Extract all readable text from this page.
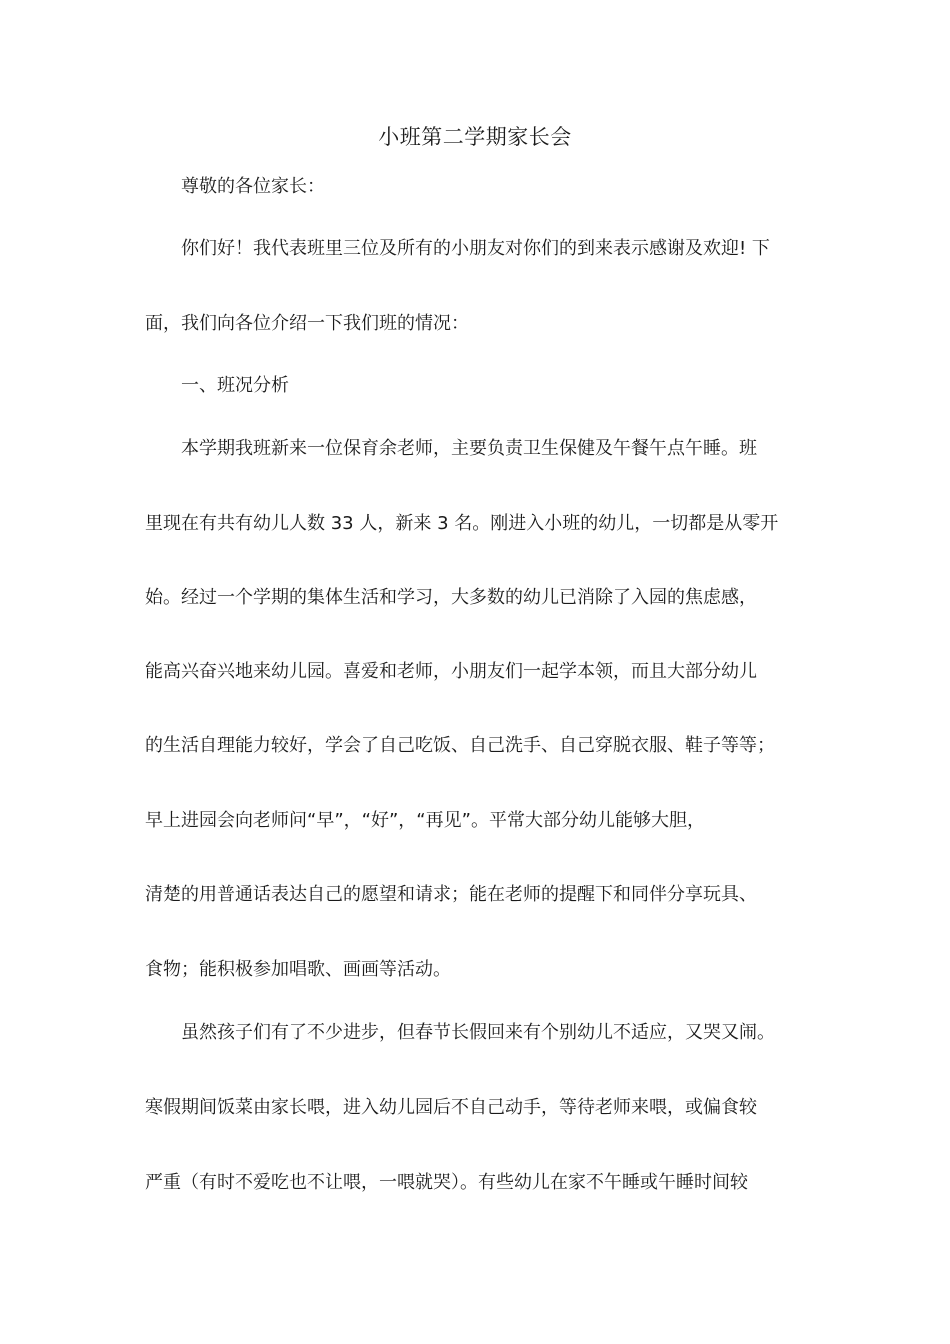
小班第二学期家长会

尊敬的各位家长：

你们好！我代表班里三位及所有的小朋友对你们的到来表示感谢及欢迎! 下

面，我们向各位介绍一下我们班的情况：

一、班况分析

本学期我班新来一位保育余老师，主要负责卫生保健及午餐午点午睡。班

里现在有共有幼儿人数 33 人，新来 3 名。刚进入小班的幼儿，一切都是从零开

始。经过一个学期的集体生活和学习，大多数的幼儿已消除了入园的焦虑感，

能高兴奋兴地来幼儿园。喜爱和老师，小朋友们一起学本领，而且大部分幼儿

的生活自理能力较好，学会了自己吃饭、自己洗手、自己穿脱衣服、鞋子等等；

早上进园会向老师问“早”，“好”，“再见”。平常大部分幼儿能够大胆，

清楚的用普通话表达自己的愿望和请求；能在老师的提醒下和同伴分享玩具、

食物；能积极参加唱歌、画画等活动。

虽然孩子们有了不少进步，但春节长假回来有个别幼儿不适应，又哭又闹。

寒假期间饭菜由家长喂，进入幼儿园后不自己动手，等待老师来喂，或偏食较

严重（有时不爱吃也不让喂，一喂就哭）。有些幼儿在家不午睡或午睡时间较
